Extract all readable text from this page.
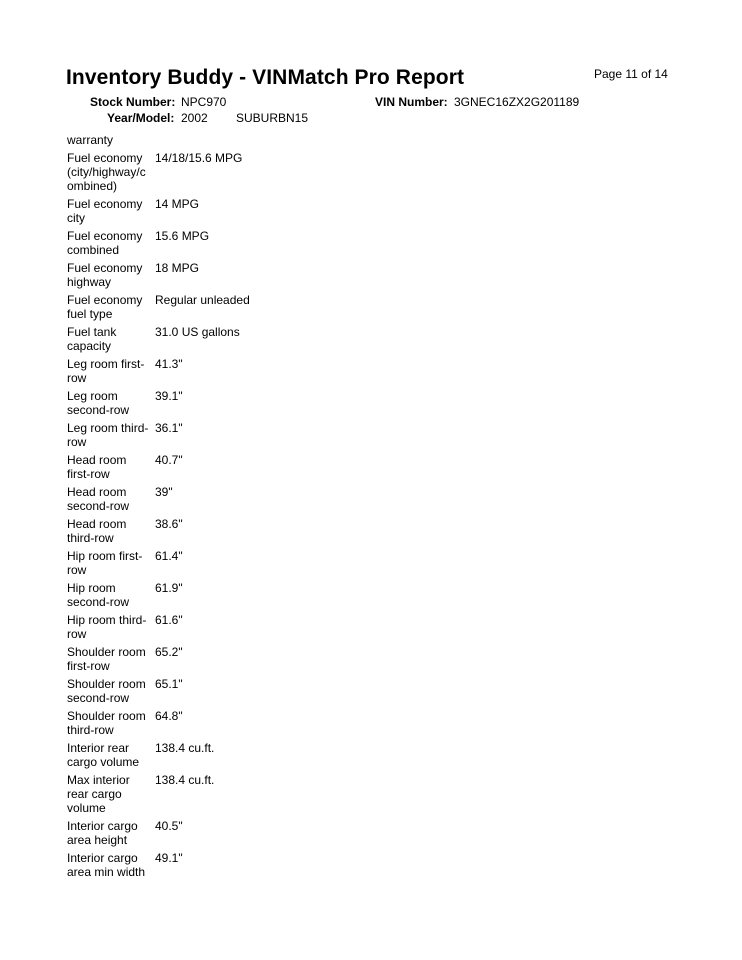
Page 11 of 14
Inventory Buddy - VINMatch Pro Report
Stock Number: NPC970	VIN Number: 3GNEC16ZX2G201189
Year/Model: 2002 SUBURBN15
warranty
Fuel economy (city/highway/c ombined)
14/18/15.6 MPG
Fuel economy city
14 MPG
Fuel economy combined
15.6 MPG
Fuel economy highway
18 MPG
Fuel economy fuel type
Regular unleaded
Fuel tank capacity
31.0 US gallons
Leg room first-row
41.3"
Leg room second-row
39.1"
Leg room third-row
36.1"
Head room first-row
40.7"
Head room second-row
39"
Head room third-row
38.6"
Hip room first-row
61.4"
Hip room second-row
61.9"
Hip room third-row
61.6"
Shoulder room first-row
65.2"
Shoulder room second-row
65.1"
Shoulder room third-row
64.8"
Interior rear cargo volume
138.4 cu.ft.
Max interior rear cargo volume
138.4 cu.ft.
Interior cargo area height
40.5"
Interior cargo area min width
49.1"
